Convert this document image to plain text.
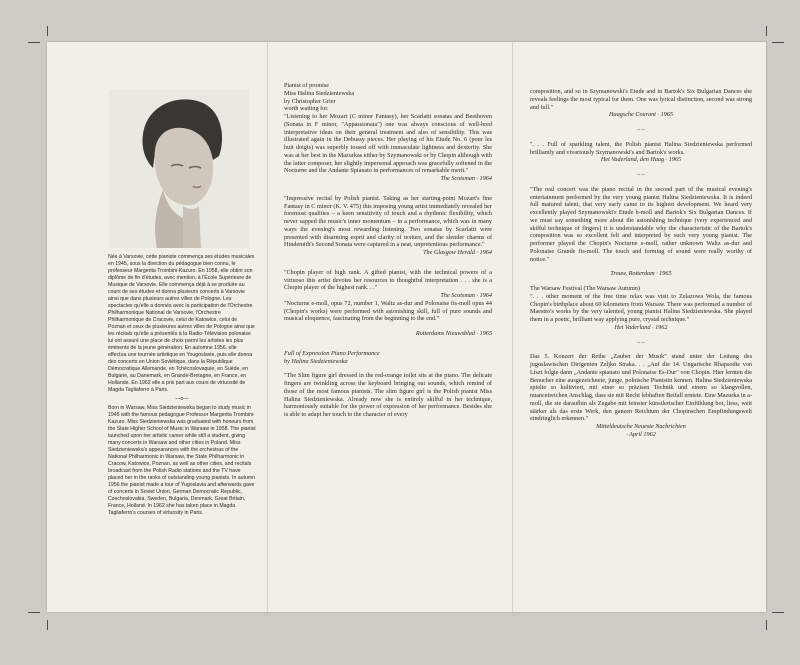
Née à Varsovie, cette pianiste commença ses études musicales en 1945, sous la direction du pédagogue bien connu, le professeur Margerita Trombini-Kazuro. En 1958, elle obtint son diplôme de fin d'études, avec mention, à l'École Supérieure de Musique de Varsovie. Elle commença déjà à se produire au cours de ses études et donna plusieurs concerts à Varsovie ainsi que dans plusieurs autres villes de Pologne. Les spectacles qu'elle a donnés avec la participation de l'Orchestre Philharmonique National de Varsovie, l'Orchestre Philharmonique de Cracovie, celui de Katowice, celui de Poznan et ceux de plusieures autres villes de Pologne ainsi que les récitals qu'elle a présentés à la Radio-Télévision polonaise lui ont assuré une place de choix parmi les artistes les plus éminents de la jeune génération. En automne 1956, elle effectua une tournée artistique en Yougoslavie, puis elle donna des concerts en Union Soviétique, dans la République Démocratique Allemande, en Tchécoslovaquie, en Suède, en Bulgarie, au Danemark, en Grande-Bretagne, en France, en Hollande. En 1962 elle a pris part aux cours de virtuosité de Magda Tagliaferro à Paris.

—o—

Born in Warsaw, Miss Siedzieniewska began to study music in 1945 with the famous pedagogue Professor Margerita Trombini-Kazuro. Miss Siedzieniewska was graduated with honours from the State Higher School of Music in Warsaw in 1958. The pianist launched upon her artistic career while still a student, giving many concerts in Warsaw and other cities in Poland. Miss Siedzieniewska's appearances with the orchestras of the National Philharmonic in Warsaw, the State Philharmonic in Cracow, Katowice, Poznan, as well as other cities, and recitals broadcast from the Polish Radio stations and the TV have placed her in the ranks of outstanding young pianists. In autumn 1956 the pianist made a tour of Yugoslavia and afterwards gave of concerts in Soviet Union, German Democratic Republic, Czechoslovakia, Sweden, Bulgaria, Denmark, Great Britain, France, Holland. In 1962 she has taken place in Magda Tagliaferro's courses of virtuosity in Paris.

Pianist of promise
Miss Halina Siedzieniewska
by Christopher Grier
worth waiting for.

"Listening to her Mozart (C minor Fantasy), her Scarlatti sonatas and Beethoven (Sonata in F minor, "Appassionata") one was always conscious of well-bred interpretative ideas on their general treatment and also of sensibility. This was illustrated again in the Debussy pieces. Her playing of his Etude No. 6 (pour les huit doigts) was superbly tossed off with immaculate lightness and dexterity. She was at her best in the Mazurkas either by Szymanowski or by Chopin although with the latter composer, her slightly impersonal approach was gracefully softened in the Nocturne and the Andante Spianato in performances of remarkable merit."

The Scotsman · 1964

"Impressive recital by Polish pianist. Taking as her starting-point Mozart's fine Fantasy in C minor (K. V. 475) this imposing young artist immediately revealed her foremost qualities – a keen sensitivity of touch and a rhythmic flexibility, which never sapped the music's inner momentum – in a performance, which was in many ways the evening's most rewarding listening. Two sonatas by Scarlatti were presented with disarming esprit and clarity of texture, and the slender charms of Hindemith's Second Sonata were captured in a neat, unpretentious performance."

The Glasgow Herald · 1964

"Chopin player of high rank. A gifted pianist, with the technical powers of a virtuoso this artist devotes her resources to thoughtful interpretation . . . she is a Chopin player of the highest rank. . ."

The Scotsman · 1964

"Nocturne e-moll, opus 72, number 1, Waltz as-dur and Polonaise fis-moll opus 44 (Chopin's works) were performed with astonishing skill, full of pure sounds and musical eloquence, fascinating from the beginning to the end."

Rotterdams Nieuwsblad · 1965

Full of Expression Piano Performance
by Halina Siedzieniewska

"The Slim figure girl dressed in the red-orange toilet sits at the piano. The delicate fingers are twinkling across the keyboard bringing out sounds, which remind of those of the most famous pianists. The slim figure girl is the Polish pianist Miss Halina Siedzieniewska. Already now she is entirely skilful in her technique, harmoniously suitable for the power of expression of her performance. Besides she is able to adapt her touch to the character of every

composition, and so in Szymanowski's Etude and in Bartok's Six Bulgarian Dances she reveals feelings the most typical for them. One was lyrical distinction, second was strong and full."

Haagsche Courant · 1965

– –

". . . Full of sparkling talent, the Polish pianist Halina Siedzieniewska performed brilliantly and vivariously Szymanowski's and Bartok's works.

Het Vaderland, den Haag · 1965

– –

"The real concert was the piano recital in the second part of the musical evening's entertainment performed by the very young pianist Halina Siedzieniewska. It is indeed full matured talent, that very early came to its highest development. We heard very excellently played Szymanowski's Etude b-moll and Bartok's Six Bulgarian Dances. If we must say something more about the astonishing technique (very experienced and skilful technique of fingers) it is understandable why the characteristic of the Bartok's composition was so excellent felt and interpreted by such very young pianist. The performer played the Chopin's Nocturne e-moll, rather unknown Waltz as-dur and Polonaise Grande fis-moll. The touch and forming of sound were really worthy of notice."

Trouw, Rotterdam · 1965

The Warsaw Festival (The Warsaw Autumn)

". . . other moment of the free time relax was visit to Zelazowa Wola, the famous Chopin's birthplace about 60 kilometers from Warsaw. There was performed a number of Maestro's works by the very talented, young pianist Halina Siedzieniewska. She played them in a poetic, brilliant way applying pure, crystal technique."

Het Vaderland · 1962

– –

Das 5. Konzert der Reihe „Zauber der Musik" stand unter der Leitung des jugoslawischen Dirigenten Zeljko Straka. . . „Auf die 14. Ungarische Rhapsodie von Liszt folgte dann „Andante spianato und Polonaise Es-Dur" von Chopin. Hier lernten die Benucher eine ausgezeichnete, junge, polnische Pianistin kennen. Halina Siedzieniewska spielte so kultiviert, mit einer so präzisen Technik und einem so klangvollen, nuanceireichen Anschlag, dass sie mit Recht lebhaften Beifall erntete. Eine Mazurka in a-moll, die sie daraufhin als Zugabe mit feinster künstlerischer Einfühlung bot, liess, weit stärker als das erste Werk, den ganzen Reichtum der Chopinschen Empfindungswelt eindringlich erkennen."

Mitteldeutsche Neueste Nachrichten

· April 1962
